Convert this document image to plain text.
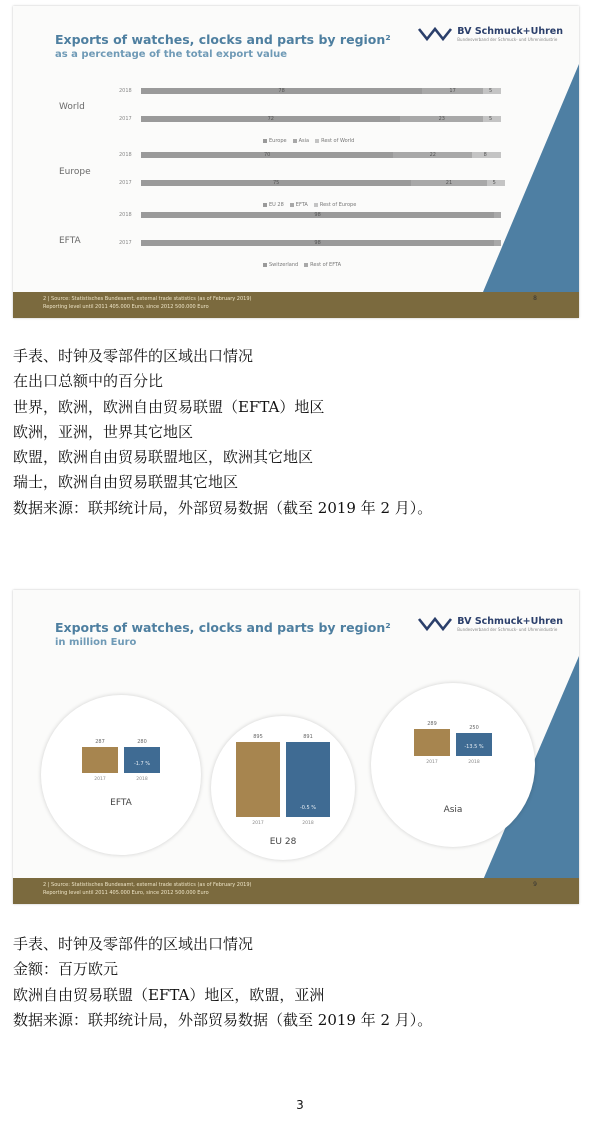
Exports of watches, clocks and parts by region²
as a percentage of the total export value
BV Schmuck+Uhren
Bundesverband der Schmuck- und Uhrenindustrie
World
2018	78	17	5
2017	72	23	5
Europe Asia Rest of World
Europe
2018	70	22	8
2017	75	21	5
EU 28 EFTA Rest of Europe
EFTA
2018	98
2017	98
Switzerland Rest of EFTA
2 | Source: Statistisches Bundesamt, external trade statistics (as of February 2019)
Reporting level until 2011 405.000 Euro, since 2012 500.000 Euro
8
手表、时钟及零部件的区域出口情况
在出口总额中的百分比
世界，欧洲，欧洲自由贸易联盟（EFTA）地区
欧洲，亚洲，世界其它地区
欧盟，欧洲自由贸易联盟地区，欧洲其它地区
瑞士，欧洲自由贸易联盟其它地区
数据来源：联邦统计局，外部贸易数据（截至 2019 年 2 月）。
Exports of watches, clocks and parts by region²
in million Euro
BV Schmuck+Uhren
Bundesverband der Schmuck- und Uhrenindustrie
287
2017
280
2018
-1.7 %
EFTA
895
2017
891
2018
-0.5 %
EU 28
289
2017
250
2018
-13.5 %
Asia
2 | Source: Statistisches Bundesamt, external trade statistics (as of February 2019)
Reporting level until 2011 405.000 Euro, since 2012 500.000 Euro
9
手表、时钟及零部件的区域出口情况
金额：百万欧元
欧洲自由贸易联盟（EFTA）地区，欧盟，亚洲
数据来源：联邦统计局，外部贸易数据（截至 2019 年 2 月）。
3
